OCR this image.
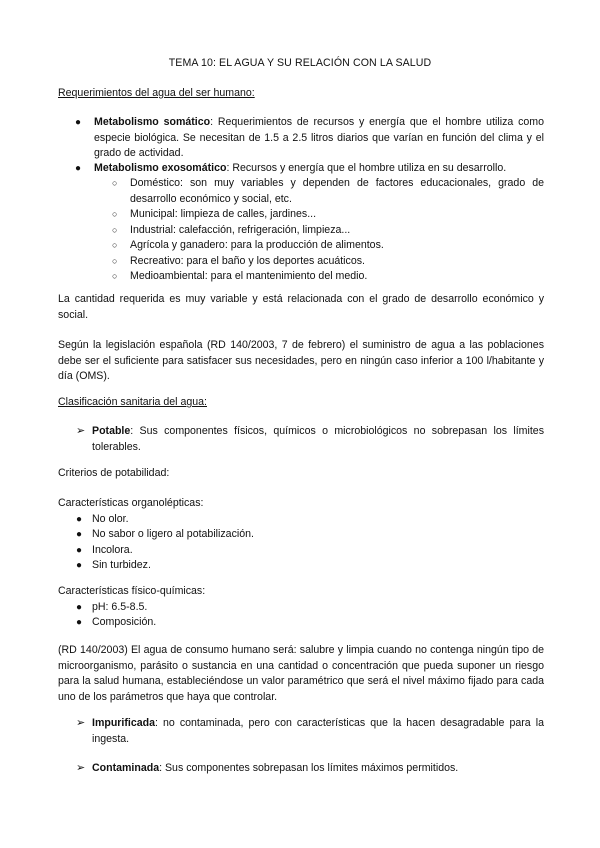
TEMA 10: EL AGUA Y SU RELACIÓN CON LA SALUD
Requerimientos del agua del ser humano:
● Metabolismo somático: Requerimientos de recursos y energía que el hombre utiliza como especie biológica. Se necesitan de 1.5 a 2.5 litros diarios que varían en función del clima y el grado de actividad.
● Metabolismo exosomático: Recursos y energía que el hombre utiliza en su desarrollo.
○ Doméstico: son muy variables y dependen de factores educacionales, grado de desarrollo económico y social, etc.
○ Municipal: limpieza de calles, jardines...
○ Industrial: calefacción, refrigeración, limpieza...
○ Agrícola y ganadero: para la producción de alimentos.
○ Recreativo: para el baño y los deportes acuáticos.
○ Medioambiental: para el mantenimiento del medio.
La cantidad requerida es muy variable y está relacionada con el grado de desarrollo económico y social.
Según la legislación española (RD 140/2003, 7 de febrero) el suministro de agua a las poblaciones debe ser el suficiente para satisfacer sus necesidades, pero en ningún caso inferior a 100 l/habitante y día (OMS).
Clasificación sanitaria del agua:
➢ Potable: Sus componentes físicos, químicos o microbiológicos no sobrepasan los límites tolerables.
Criterios de potabilidad:
Características organolépticas:
● No olor.
● No sabor o ligero al potabilización.
● Incolora.
● Sin turbidez.
Características físico-químicas:
● pH: 6.5-8.5.
● Composición.
(RD 140/2003) El agua de consumo humano será: salubre y limpia cuando no contenga ningún tipo de microorganismo, parásito o sustancia en una cantidad o concentración que pueda suponer un riesgo para la salud humana, estableciéndose un valor paramétrico que será el nivel máximo fijado para cada uno de los parámetros que haya que controlar.
➢ Impurificada: no contaminada, pero con características que la hacen desagradable para la ingesta.
➢ Contaminada: Sus componentes sobrepasan los límites máximos permitidos.
